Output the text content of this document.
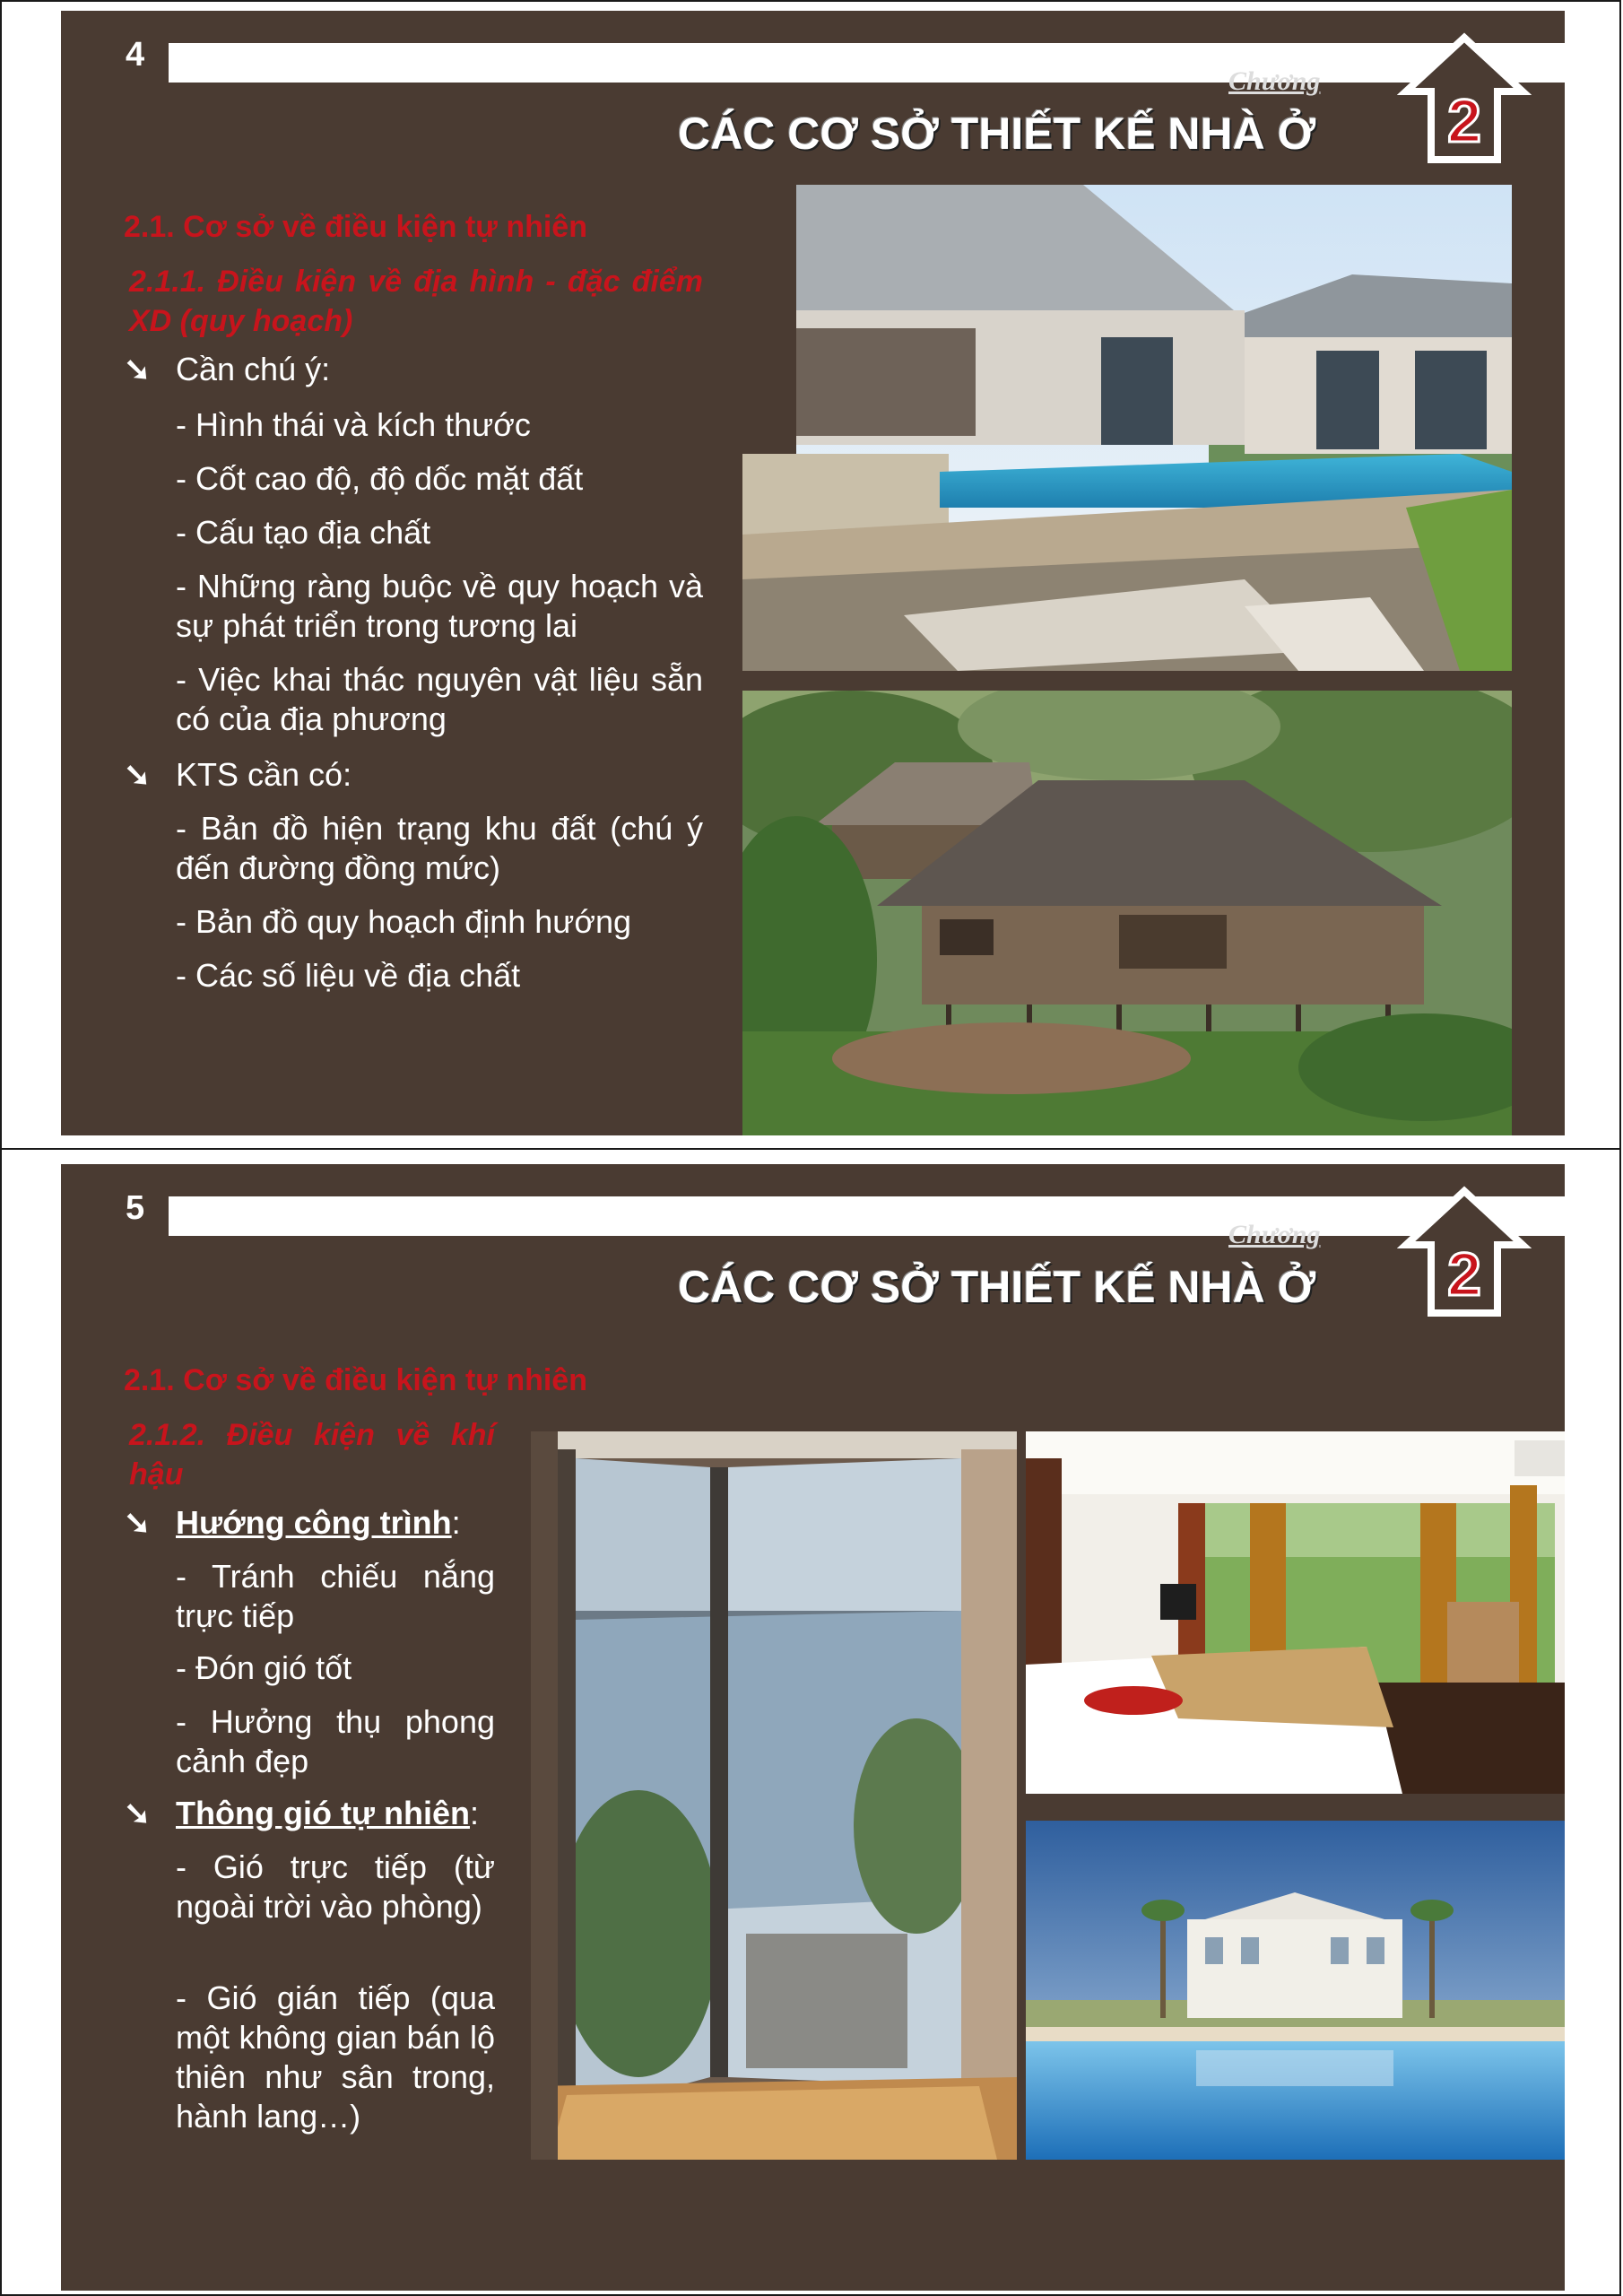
4
Chương
2
CÁC CƠ SỞ THIẾT KẾ NHÀ Ở
2.1. Cơ sở về điều kiện tự nhiên
2.1.1. Điều kiện về địa hình - đặc điểm XD (quy hoạch)
➘ Cần chú ý:
- Hình thái và kích thước
- Cốt cao độ, độ dốc mặt đất
- Cấu tạo địa chất
- Những ràng buộc về quy hoạch và sự phát triển trong tương lai
- Việc khai thác nguyên vật liệu sẵn có của địa phương
➘ KTS cần có:
- Bản đồ hiện trạng khu đất (chú ý đến đường đồng mức)
- Bản đồ quy hoạch định hướng
- Các số liệu về địa chất
5
Chương
2
CÁC CƠ SỞ THIẾT KẾ NHÀ Ở
2.1. Cơ sở về điều kiện tự nhiên
2.1.2. Điều kiện về khí hậu
➘ Hướng công trình:
- Tránh chiếu nắng trực tiếp
- Đón gió tốt
- Hưởng thụ phong cảnh đẹp
➘ Thông gió tự nhiên:
- Gió trực tiếp (từ ngoài trời vào phòng)
- Gió gián tiếp (qua một không gian bán lộ thiên như sân trong, hành lang…)
